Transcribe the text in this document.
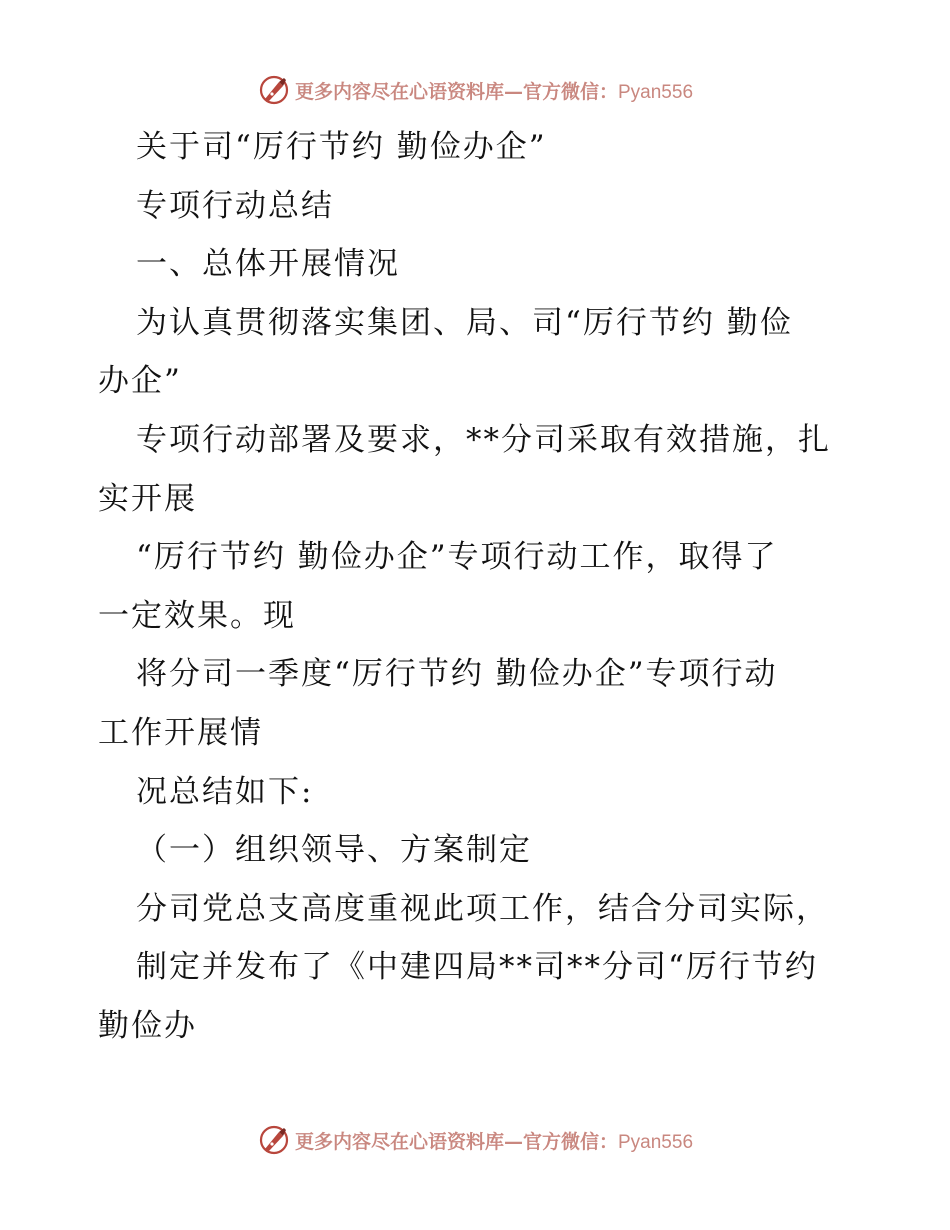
更多内容尽在心语资料库—官方微信：Pyan556
关于司“厉行节约 勤俭办企”
专项行动总结
一、总体开展情况
为认真贯彻落实集团、局、司“厉行节约 勤俭
办企”
专项行动部署及要求，**分司采取有效措施，扎
实开展
“厉行节约 勤俭办企”专项行动工作，取得了
一定效果。现
将分司一季度“厉行节约 勤俭办企”专项行动
工作开展情
况总结如下:
（一）组织领导、方案制定
分司党总支高度重视此项工作，结合分司实际，
制定并发布了《中建四局**司**分司“厉行节约
勤俭办
更多内容尽在心语资料库—官方微信：Pyan556
